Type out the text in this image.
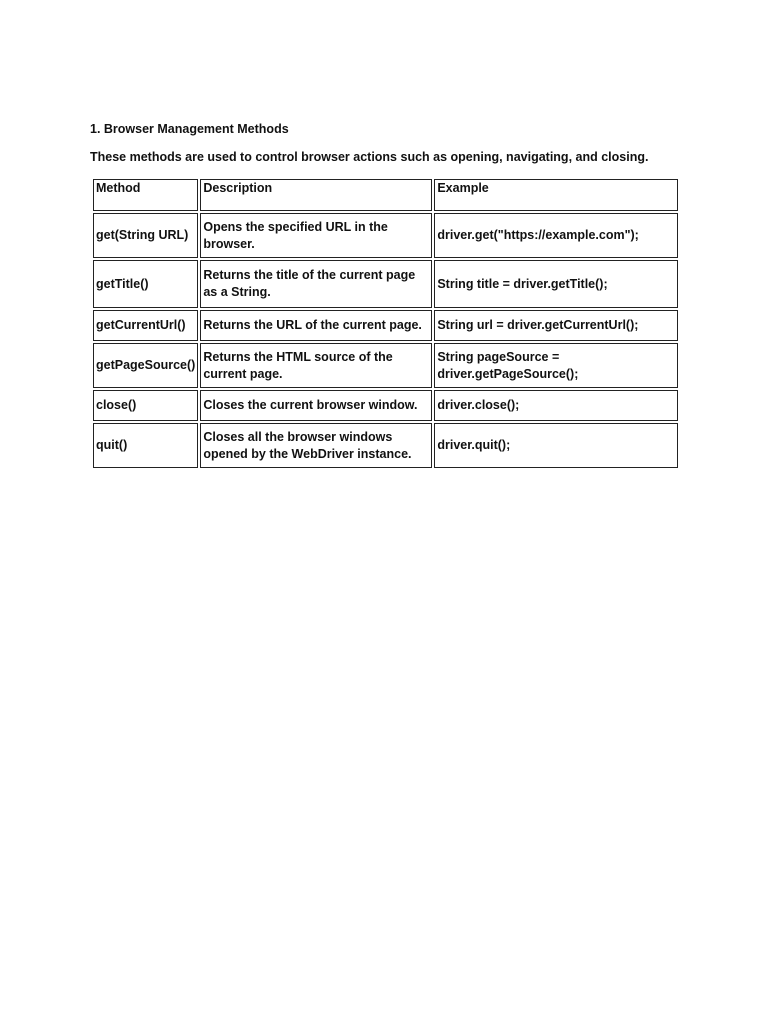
1. Browser Management Methods
These methods are used to control browser actions such as opening, navigating, and closing.
Method	Description	Example
get(String URL)	Opens the specified URL in the browser.	driver.get("https://example.com");
getTitle()	Returns the title of the current page as a String.	String title = driver.getTitle();
getCurrentUrl()	Returns the URL of the current page.	String url = driver.getCurrentUrl();
getPageSource()	Returns the HTML source of the current page.	String pageSource = driver.getPageSource();
close()	Closes the current browser window.	driver.close();
quit()	Closes all the browser windows opened by the WebDriver instance.	driver.quit();
